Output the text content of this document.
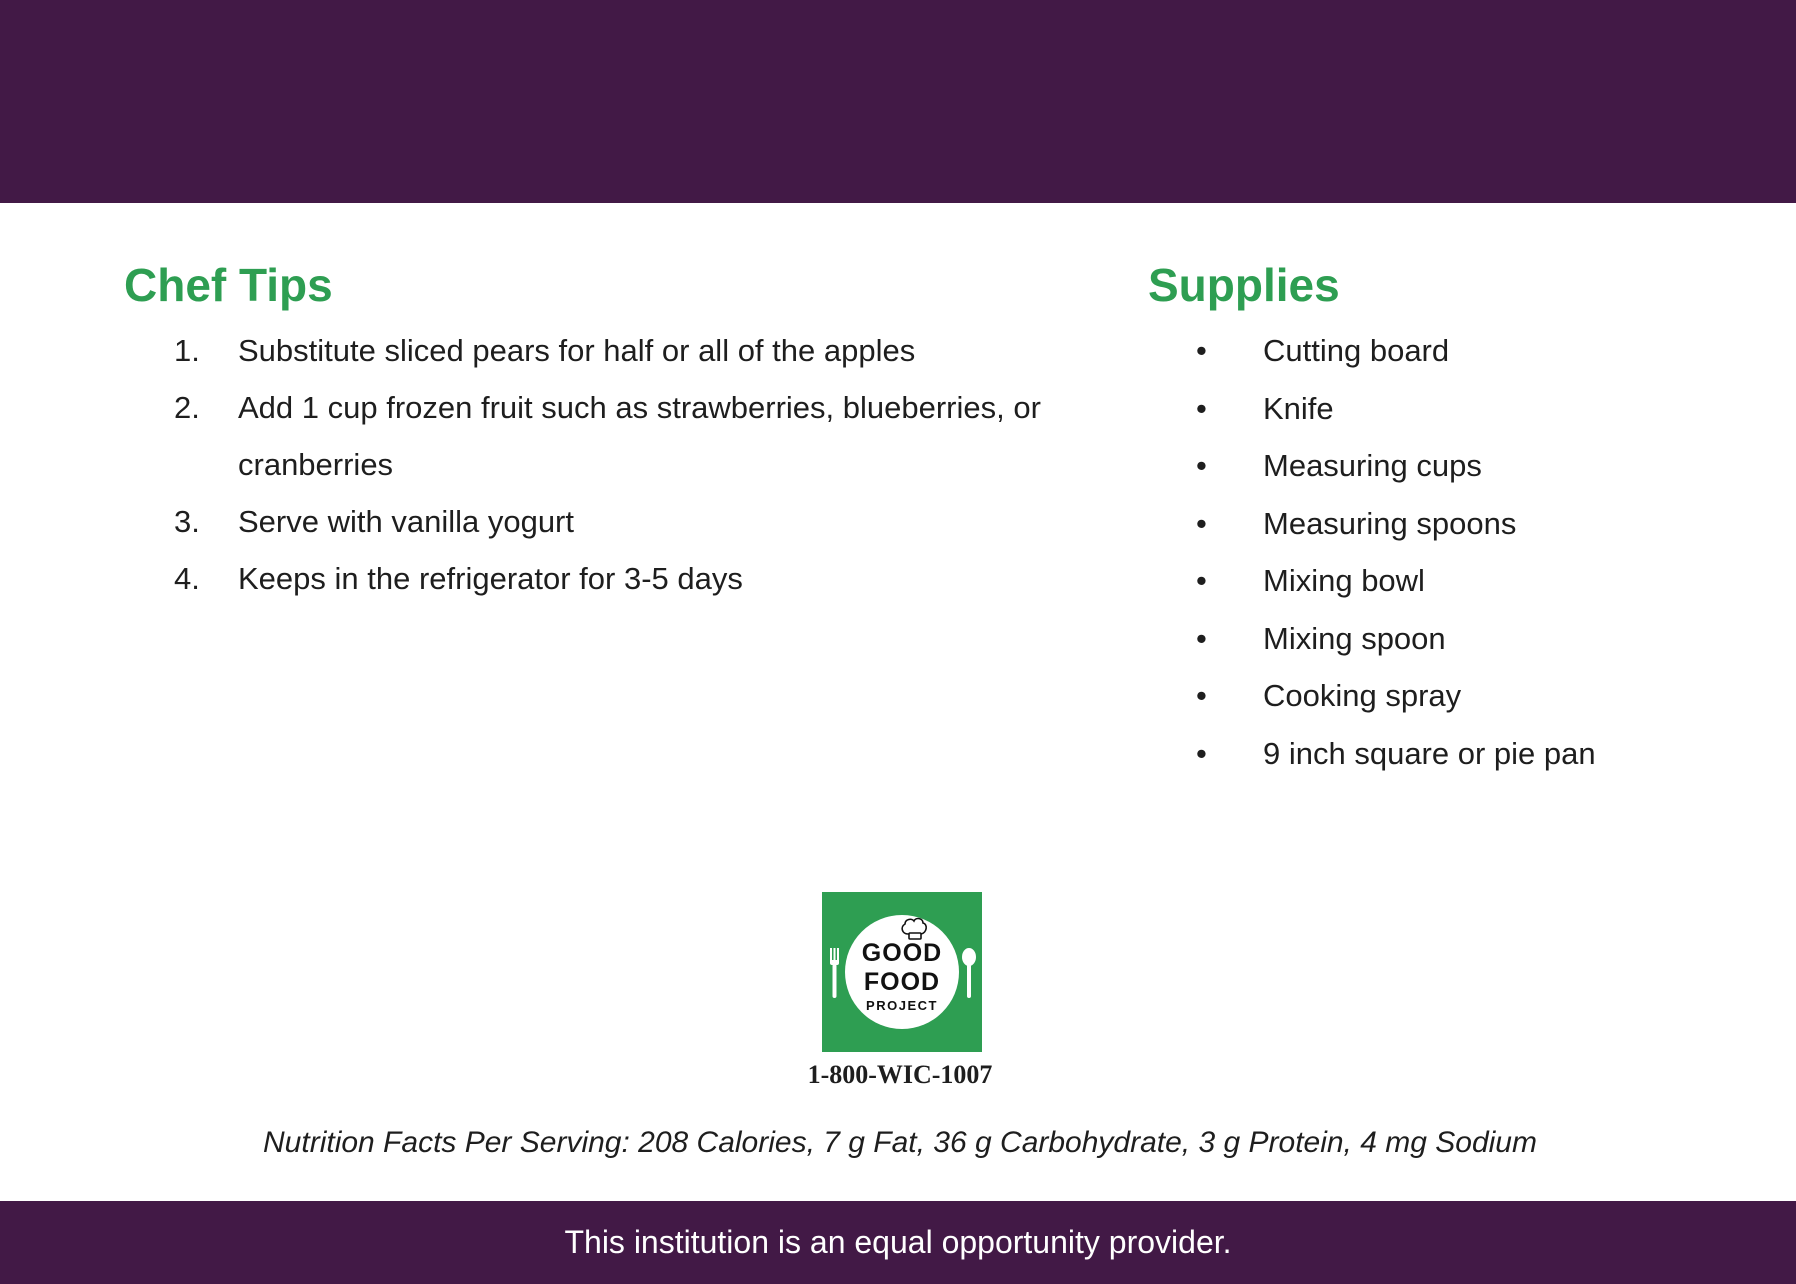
Chef Tips
1.	Substitute sliced pears for half or all of the apples
2.	Add 1 cup frozen fruit such as strawberries, blueberries, or cranberries
3.	Serve with vanilla yogurt
4.	Keeps in the refrigerator for 3-5 days
Supplies
•	Cutting board
•	Knife
•	Measuring cups
•	Measuring spoons
•	Mixing bowl
•	Mixing spoon
•	Cooking spray
•	9 inch square or pie pan
GOOD
FOOD
PROJECT
1-800-WIC-1007

Nutrition Facts Per Serving: 208 Calories, 7 g Fat, 36 g Carbohydrate, 3 g Protein, 4 mg Sodium

This institution is an equal opportunity provider.
